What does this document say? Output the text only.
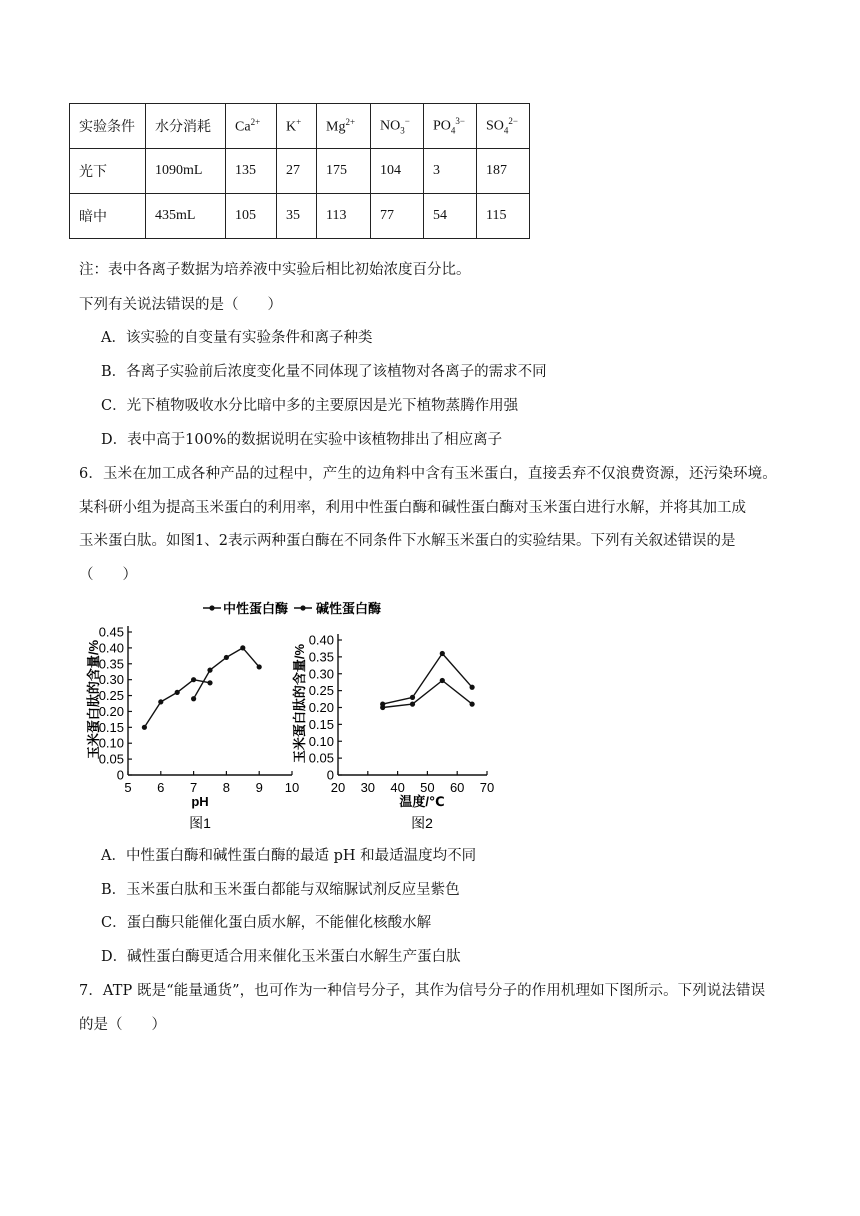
实验条件	水分消耗	$Ca^{2+}$	K+	$Mg^{2+}$	$NO_3^-$	$PO_4^{3-}$	$SO_4^{2-}$
光下	1090mL	135	27	175	104	3	187
暗中	435mL	105	35	113	77	54	115
注：表中各离子数据为培养液中实验后相比初始浓度百分比。
下列有关说法错误的是（　　）
A．该实验的自变量有实验条件和离子种类
B．各离子实验前后浓度变化量不同体现了该植物对各离子的需求不同
C．光下植物吸收水分比暗中多的主要原因是光下植物蒸腾作用强
D．表中高于100%的数据说明在实验中该植物排出了相应离子
6．玉米在加工成各种产品的过程中，产生的边角料中含有玉米蛋白，直接丢弃不仅浪费资源，还污染环境。
某科研小组为提高玉米蛋白的利用率，利用中性蛋白酶和碱性蛋白酶对玉米蛋白进行水解，并将其加工成
玉米蛋白肽。如图1、2表示两种蛋白酶在不同条件下水解玉米蛋白的实验结果。下列有关叙述错误的是
（　　）
中性蛋白酶 碱性蛋白酶
5 6 7 8 9 10
0
0.05
0.10
0.15
0.20
0.25
0.30
0.35
0.40
0.45
pH
玉米蛋白肽的含量/%
图1
20 30 40 50 60 70
0
0.05
0.10
0.15
0.20
0.25
0.30
0.35
0.40
温度/℃
玉米蛋白肽的含量/%
图2
A．中性蛋白酶和碱性蛋白酶的最适 pH 和最适温度均不同
B．玉米蛋白肽和玉米蛋白都能与双缩脲试剂反应呈紫色
C．蛋白酶只能催化蛋白质水解，不能催化核酸水解
D．碱性蛋白酶更适合用来催化玉米蛋白水解生产蛋白肽
7．ATP 既是“能量通货”，也可作为一种信号分子，其作为信号分子的作用机理如下图所示。下列说法错误
的是（　　）
